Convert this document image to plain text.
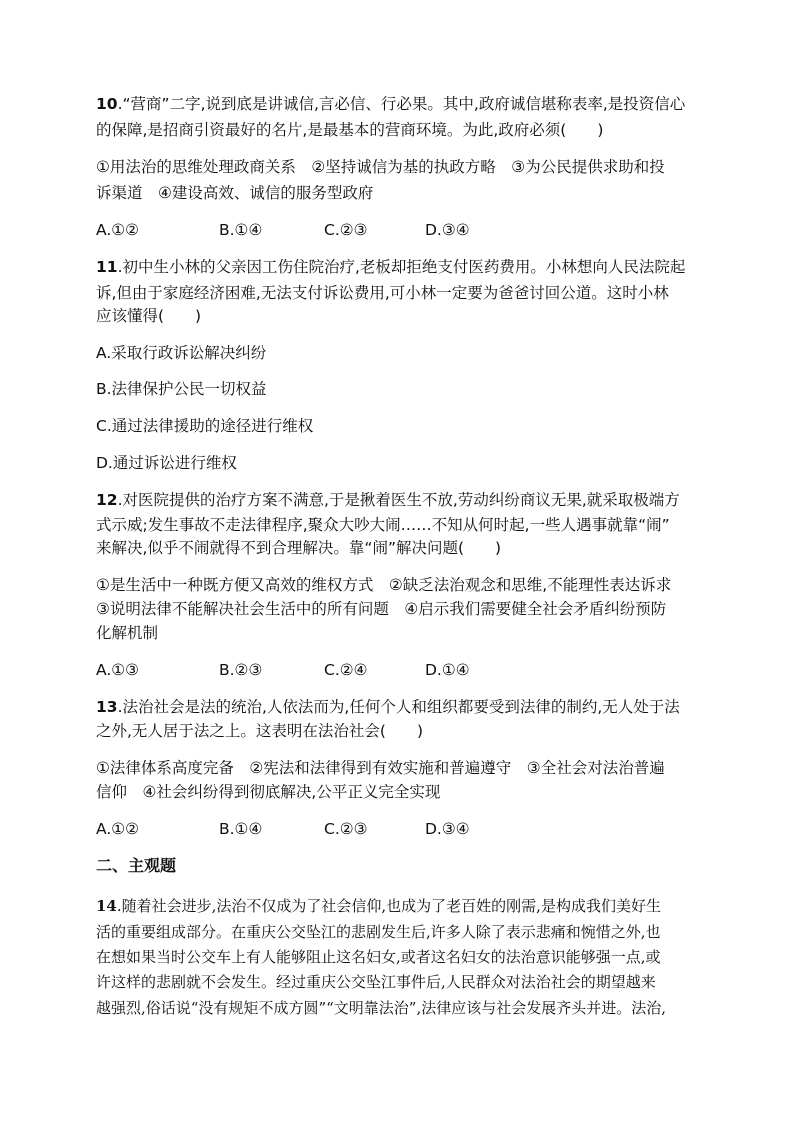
10.“营商”二字,说到底是讲诚信,言必信、行必果。其中,政府诚信堪称表率,是投资信心
的保障,是招商引资最好的名片,是最基本的营商环境。为此,政府必须(　　)
①用法治的思维处理政商关系　②坚持诚信为基的执政方略　③为公民提供求助和投
诉渠道　④建设高效、诚信的服务型政府
A.①②	B.①④	C.②③	D.③④
11.初中生小林的父亲因工伤住院治疗,老板却拒绝支付医药费用。小林想向人民法院起
诉,但由于家庭经济困难,无法支付诉讼费用,可小林一定要为爸爸讨回公道。这时小林
应该懂得(　　)
A.采取行政诉讼解决纠纷
B.法律保护公民一切权益
C.通过法律援助的途径进行维权
D.通过诉讼进行维权
12.对医院提供的治疗方案不满意,于是揪着医生不放,劳动纠纷商议无果,就采取极端方
式示威;发生事故不走法律程序,聚众大吵大闹……不知从何时起,一些人遇事就靠“闹”
来解决,似乎不闹就得不到合理解决。靠“闹”解决问题(　　)
①是生活中一种既方便又高效的维权方式　②缺乏法治观念和思维,不能理性表达诉求
③说明法律不能解决社会生活中的所有问题　④启示我们需要健全社会矛盾纠纷预防
化解机制
A.①③	B.②③	C.②④	D.①④
13.法治社会是法的统治,人依法而为,任何个人和组织都要受到法律的制约,无人处于法
之外,无人居于法之上。这表明在法治社会(　　)
①法律体系高度完备　②宪法和法律得到有效实施和普遍遵守　③全社会对法治普遍
信仰　④社会纠纷得到彻底解决,公平正义完全实现
A.①②	B.①④	C.②③	D.③④
二、主观题
14.随着社会进步,法治不仅成为了社会信仰,也成为了老百姓的刚需,是构成我们美好生
活的重要组成部分。在重庆公交坠江的悲剧发生后,许多人除了表示悲痛和惋惜之外,也
在想如果当时公交车上有人能够阻止这名妇女,或者这名妇女的法治意识能够强一点,或
许这样的悲剧就不会发生。经过重庆公交坠江事件后,人民群众对法治社会的期望越来
越强烈,俗话说“没有规矩不成方圆”“文明靠法治”,法律应该与社会发展齐头并进。法治,
